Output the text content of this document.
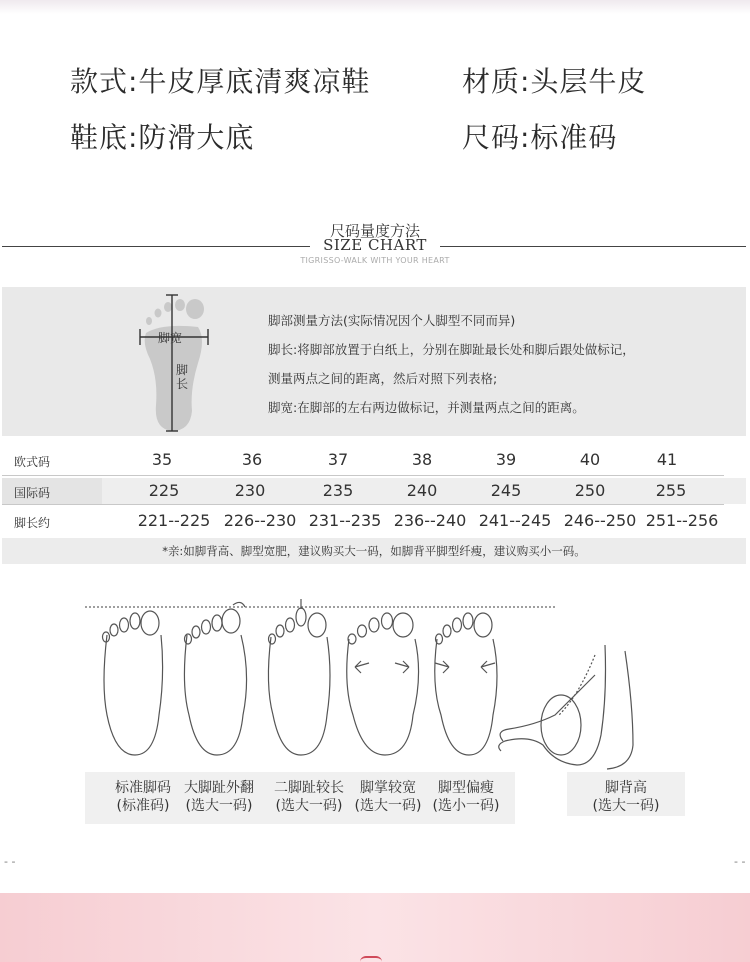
款式:牛皮厚底清爽凉鞋	材质:头层牛皮
鞋底:防滑大底	尺码:标准码
尺码量度方法
SIZE CHART
TIGRISSO-WALK WITH YOUR HEART
脚宽
脚长
脚部测量方法(实际情况因个人脚型不同而异)
脚长:将脚部放置于白纸上，分别在脚趾最长处和脚后跟处做标记，
测量两点之间的距离，然后对照下列表格;
脚宽:在脚部的左右两边做标记，并测量两点之间的距离。
欧式码	35	36	37	38	39	40	41
国际码	225	230	235	240	245	250	255
脚长约	221--225 226--230 231--235 236--240 241--245 246--250 251--256
*亲:如脚背高、脚型宽肥，建议购买大一码，如脚背平脚型纤瘦，建议购买小一码。
标准脚码
(标准码)
大脚趾外翻
(选大一码)
二脚趾较长
(选大一码)
脚掌较宽
(选大一码)
脚型偏瘦
(选小一码)
脚背高
(选大一码)
- -	- -
